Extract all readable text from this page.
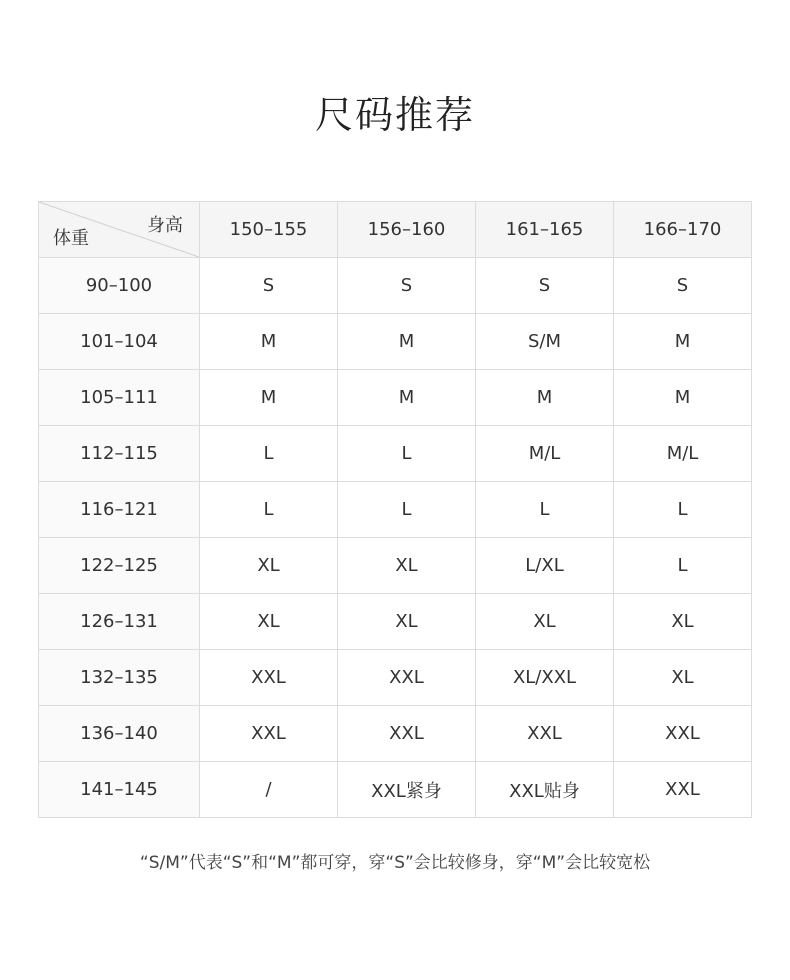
尺码推荐
身高
体重	150–155	156–160	161–165	166–170
90–100	S	S	S	S
101–104	M	M	S/M	M
105–111	M	M	M	M
112–115	L	L	M/L	M/L
116–121	L	L	L	L
122–125	XL	XL	L/XL	L
126–131	XL	XL	XL	XL
132–135	XXL	XXL	XL/XXL	XL
136–140	XXL	XXL	XXL	XXL
141–145	/	XXL紧身	XXL贴身	XXL
“S/M”代表“S”和“M”都可穿，穿“S”会比较修身，穿“M”会比较宽松
